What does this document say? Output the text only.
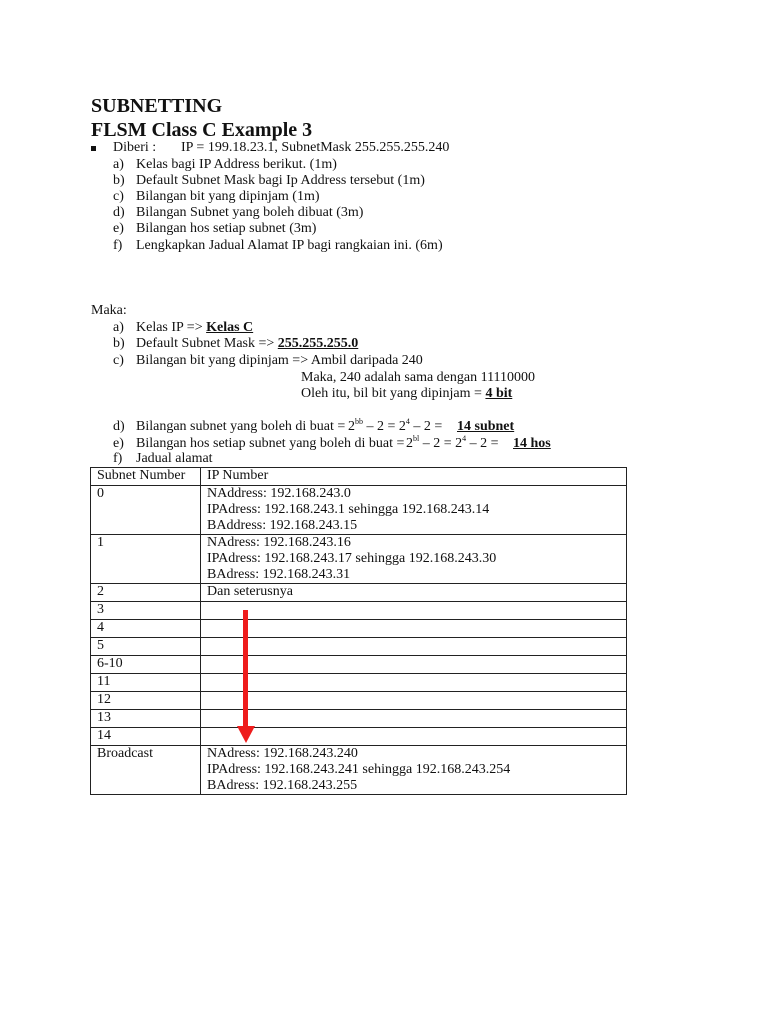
SUBNETTING
FLSM Class C Example 3
Diberi : IP = 199.18.23.1, SubnetMask 255.255.255.240
a) Kelas bagi IP Address berikut. (1m)
b) Default Subnet Mask bagi Ip Address tersebut (1m)
c) Bilangan bit yang dipinjam (1m)
d) Bilangan Subnet yang boleh dibuat (3m)
e) Bilangan hos setiap subnet (3m)
f) Lengkapkan Jadual Alamat IP bagi rangkaian ini. (6m)
Maka:
a) Kelas IP => Kelas C
b) Default Subnet Mask => 255.255.255.0
c) Bilangan bit yang dipinjam => Ambil daripada 240
Maka, 240 adalah sama dengan 11110000
Oleh itu, bil bit yang dipinjam = 4 bit
d) Bilangan subnet yang boleh di buat = $2^{bb} - 2 = 2^4 - 2 = 14$ subnet
e) Bilangan hos setiap subnet yang boleh di buat = $2^{bl} - 2 = 2^4 - 2 = 14$ hos
f) Jadual alamat
Subnet Number	IP Number
0	NAddress: 192.168.243.0
IPAdress: 192.168.243.1 sehingga 192.168.243.14
BAddress: 192.168.243.15

1	NAdress: 192.168.243.16
IPAdress: 192.168.243.17 sehingga 192.168.243.30
BAdress: 192.168.243.31

2	Dan seterusnya

3	

4	

5	

6-10	

11	

12	

13	

14	

Broadcast	NAdress: 192.168.243.240
IPAdress: 192.168.243.241 sehingga 192.168.243.254
BAdress: 192.168.243.255
